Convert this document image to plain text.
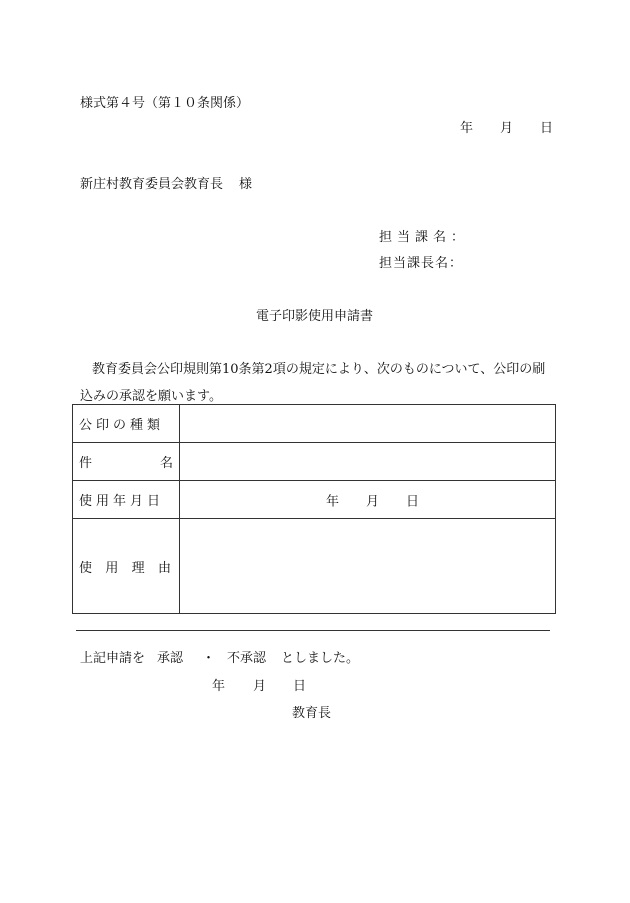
様式第４号（第１０条関係）
年 月 日
新庄村教育委員会教育長 様
担当課名：
担当課長名：
電子印影使用申請書
教育委員会公印規則第10条第2項の規定により、次のものについて、公印の刷
込みの承認を願います。
公印の種類	

件 名	

使用年月日	年 月 日

使 用 理 由	

上記申請を 承認 ・ 不承認 としました。
年 月 日
教育長
